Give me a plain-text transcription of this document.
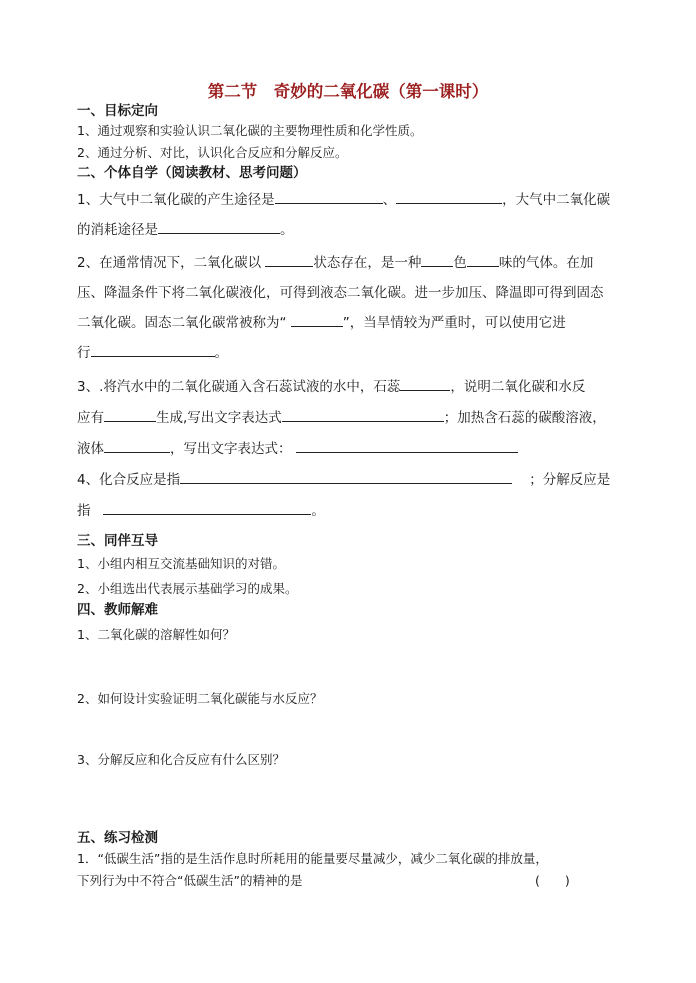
第二节　奇妙的二氧化碳（第一课时）
一、目标定向
1、通过观察和实验认识二氧化碳的主要物理性质和化学性质。
2、通过分析、对比，认识化合反应和分解反应。
二、个体自学（阅读教材、思考问题）
1、大气中二氧化碳的产生途径是	、	，大气中二氧化碳
的消耗途径是	。
2、在通常情况下，二氧化碳以	状态存在，是一种 色 味的气体。在加
压、降温条件下将二氧化碳液化，可得到液态二氧化碳。进一步加压、降温即可得到固态
二氧化碳。固态二氧化碳常被称为“	”，当旱情较为严重时，可以使用它进
行	。
3、.将汽水中的二氧化碳通入含石蕊试液的水中，石蕊	，说明二氧化碳和水反
应有	生成,写出文字表达式	；加热含石蕊的碳酸溶液，
液体	，写出文字表达式：
4、化合反应是指	；分解反应是
指	。
三、同伴互导
1、小组内相互交流基础知识的对错。
2、小组选出代表展示基础学习的成果。
四、教师解难
1、二氧化碳的溶解性如何？
2、如何设计实验证明二氧化碳能与水反应？
3、分解反应和化合反应有什么区别？
五、练习检测
1．“低碳生活”指的是生活作息时所耗用的能量要尽量减少，减少二氧化碳的排放量，
下列行为中不符合“低碳生活”的精神的是	(　　)
